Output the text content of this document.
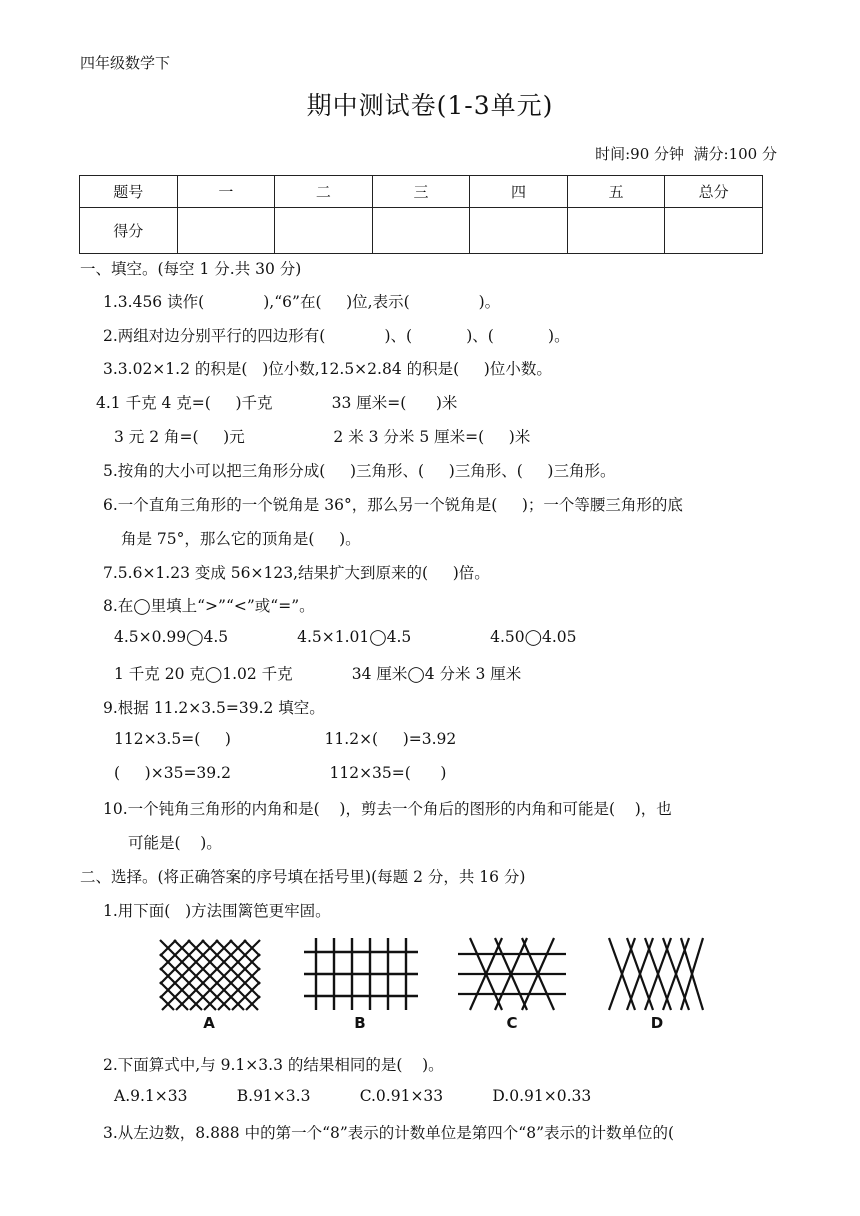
四年级数学下
期中测试卷(1-3单元)
时间:90 分钟  满分:100 分
题号	一	二	三	四	五	总分
得分						
一、填空。(每空 1 分.共 30 分)
1.3.456 读作(            ),“6”在(     )位,表示(              )。
2.两组对边分别平行的四边形有(            )、(           )、(           )。
3.3.02×1.2 的积是(   )位小数,12.5×2.84 的积是(     )位小数。
4.1 千克 4 克=(     )千克            33 厘米=(      )米
3 元 2 角=(     )元                  2 米 3 分米 5 厘米=(     )米
5.按角的大小可以把三角形分成(     )三角形、(     )三角形、(     )三角形。
6.一个直角三角形的一个锐角是 36°，那么另一个锐角是(     )；一个等腰三角形的底
角是 75°，那么它的顶角是(     )。
7.5.6×1.23 变成 56×123,结果扩大到原来的(     )倍。
8.在◯里填上“>”“<”或“=”。
4.5×0.99◯4.5              4.5×1.01◯4.5                4.50◯4.05
1 千克 20 克◯1.02 千克            34 厘米◯4 分米 3 厘米
9.根据 11.2×3.5=39.2 填空。
112×3.5=(     )                   11.2×(     )=3.92
(     )×35=39.2                    112×35=(      )
10.一个钝角三角形的内角和是(    )，剪去一个角后的图形的内角和可能是(    )，也
可能是(    )。
二、选择。(将正确答案的序号填在括号里)(每题 2 分，共 16 分)
1.用下面(   )方法围篱笆更牢固。
A	B	C	D
2.下面算式中,与 9.1×3.3 的结果相同的是(    )。
A.9.1×33          B.91×3.3          C.0.91×33          D.0.91×0.33
3.从左边数，8.888 中的第一个“8”表示的计数单位是第四个“8”表示的计数单位的(
